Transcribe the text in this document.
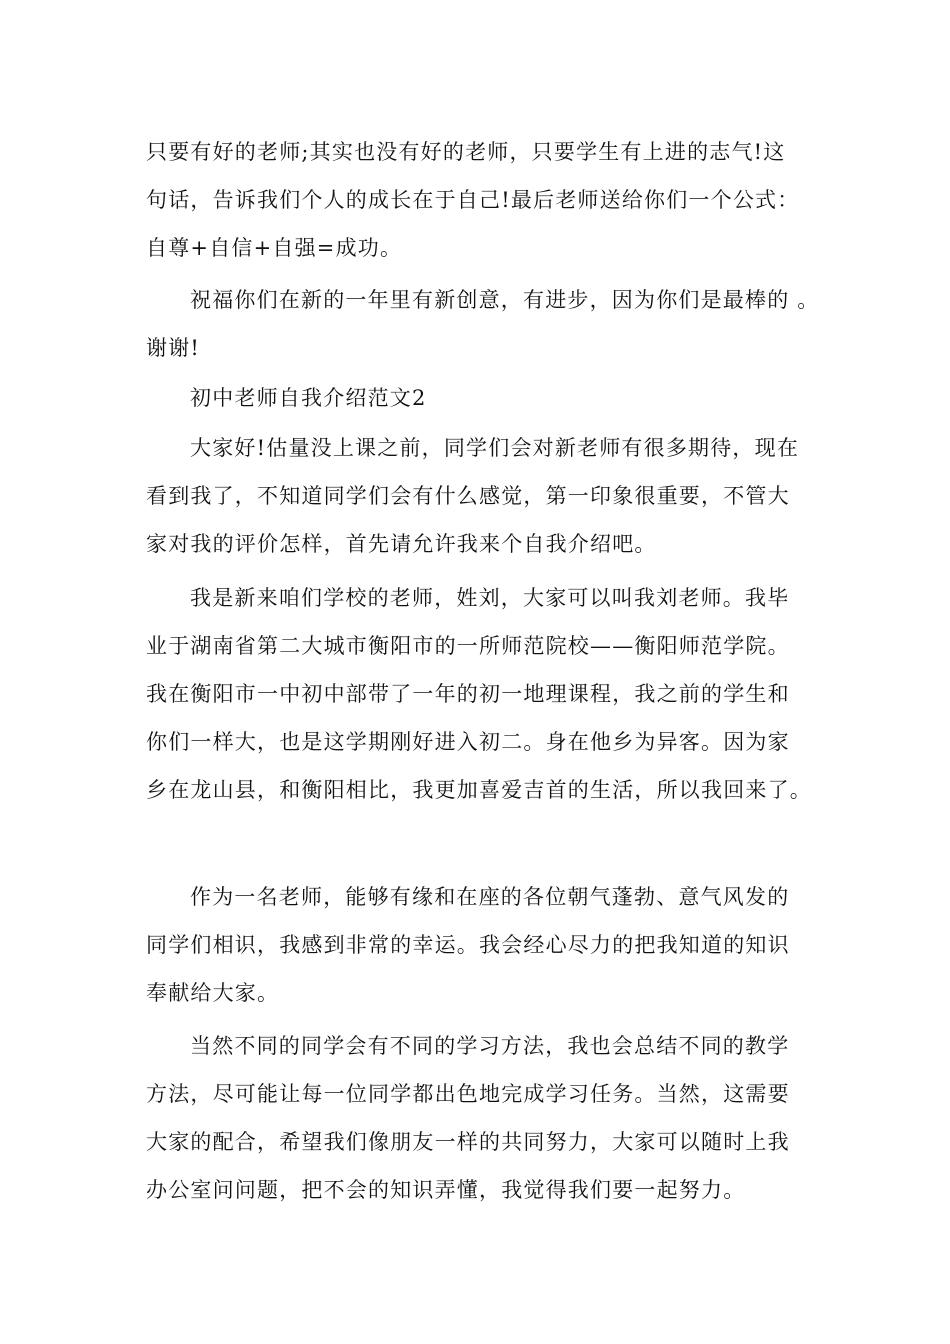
只要有好的老师;其实也没有好的老师，只要学生有上进的志气!这
句话，告诉我们个人的成长在于自己!最后老师送给你们一个公式：
自尊+自信+自强=成功。
祝福你们在新的一年里有新创意，有进步，因为你们是最棒的 。
谢谢!
初中老师自我介绍范文2
大家好!估量没上课之前，同学们会对新老师有很多期待，现在
看到我了，不知道同学们会有什么感觉，第一印象很重要，不管大
家对我的评价怎样，首先请允许我来个自我介绍吧。
我是新来咱们学校的老师，姓刘，大家可以叫我刘老师。我毕
业于湖南省第二大城市衡阳市的一所师范院校——衡阳师范学院。
我在衡阳市一中初中部带了一年的初一地理课程，我之前的学生和
你们一样大，也是这学期刚好进入初二。身在他乡为异客。因为家
乡在龙山县，和衡阳相比，我更加喜爱吉首的生活，所以我回来了。
作为一名老师，能够有缘和在座的各位朝气蓬勃、意气风发的
同学们相识，我感到非常的幸运。我会经心尽力的把我知道的知识
奉献给大家。
当然不同的同学会有不同的学习方法，我也会总结不同的教学
方法，尽可能让每一位同学都出色地完成学习任务。当然，这需要
大家的配合，希望我们像朋友一样的共同努力，大家可以随时上我
办公室问问题，把不会的知识弄懂，我觉得我们要一起努力。
